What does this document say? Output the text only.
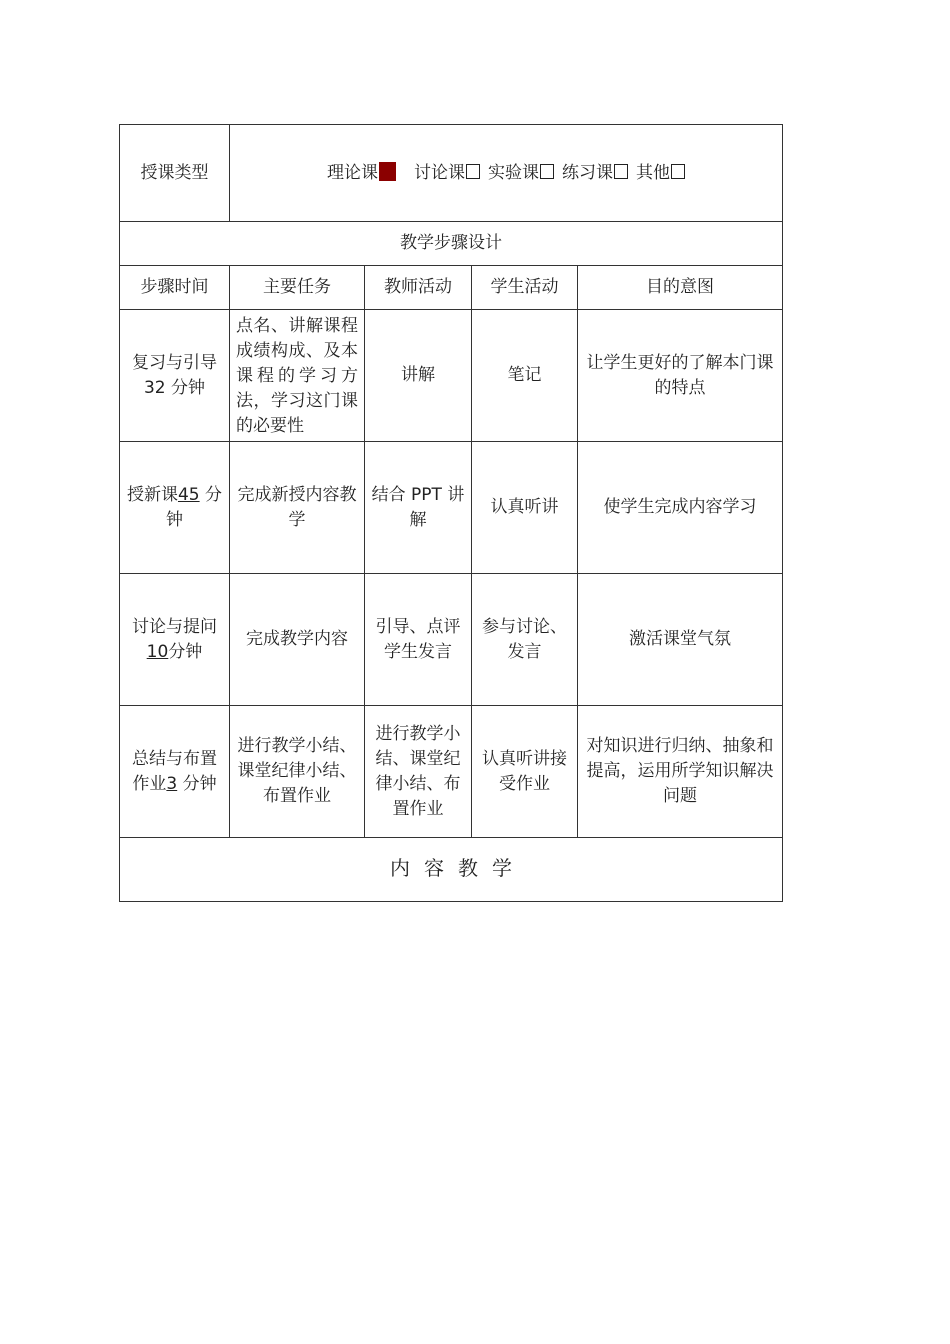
授课类型	理论课 讨论课 实验课 练习课 其他			

教学步骤设计				
步骤时间	主要任务	教师活动	学生活动	目的意图
复习与引导 32 分钟	点名、讲解课程成绩构成、及本课程的学习方法，学习这门课的必要性	讲解	笔记	让学生更好的了解本门课的特点
授新课45 分钟	完成新授内容教学	结合 PPT 讲解	认真听讲	使学生完成内容学习
讨论与提问10分钟	完成教学内容	引导、点评学生发言	参与讨论、发言	激活课堂气氛
总结与布置作业3 分钟	进行教学小结、课堂纪律小结、布置作业	进行教学小结、课堂纪律小结、布置作业	认真听讲接受作业	对知识进行归纳、抽象和提高，运用所学知识解决问题
内容教学				
